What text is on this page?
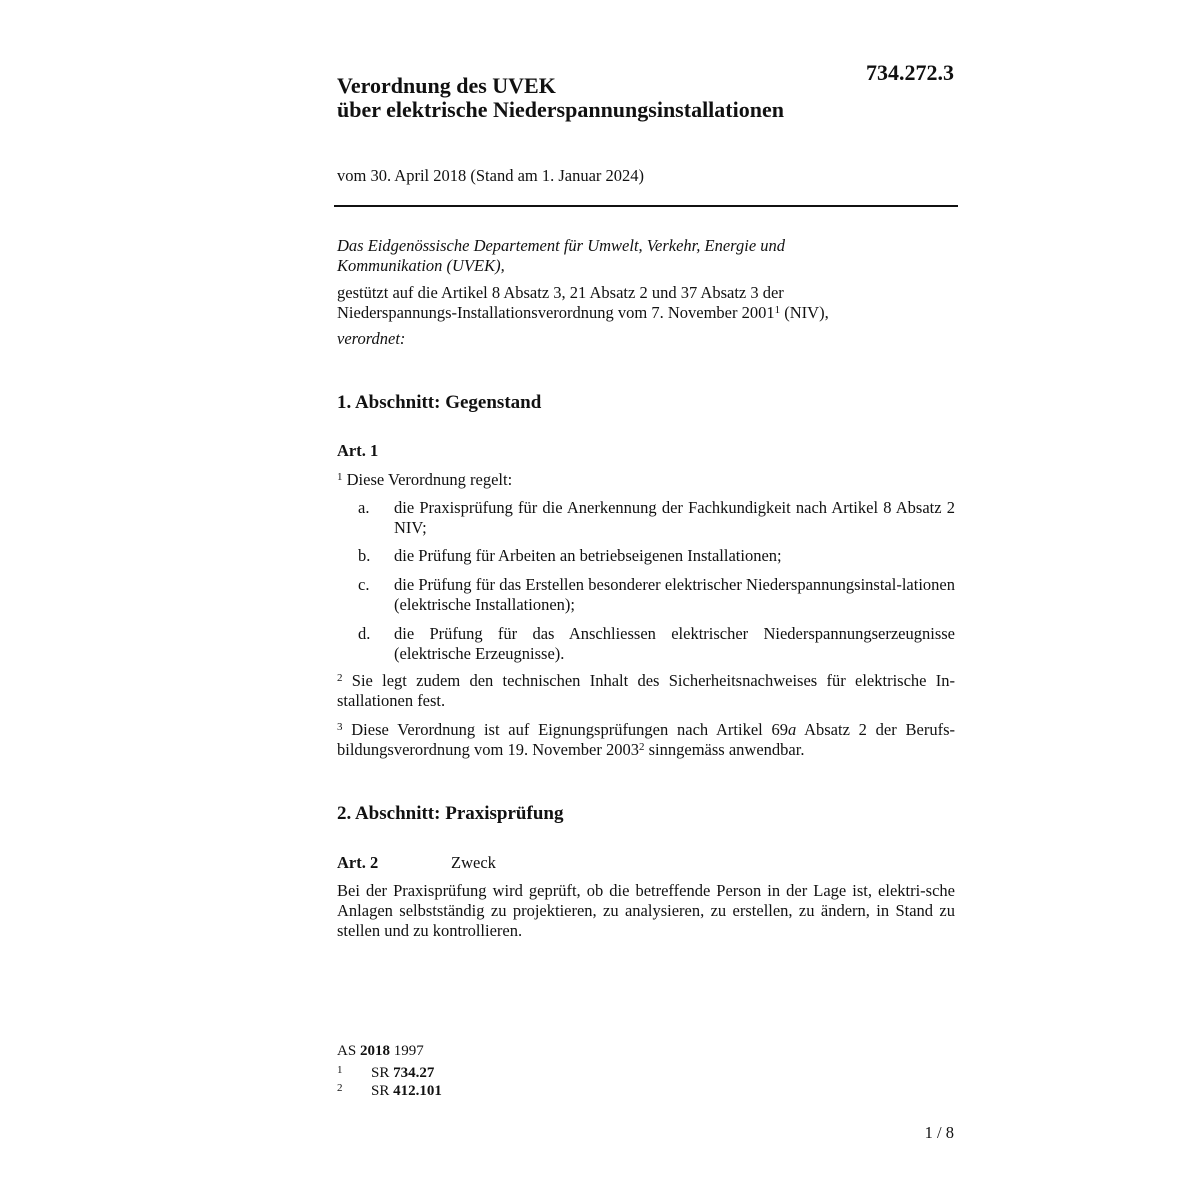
734.272.3
Verordnung des UVEK
über elektrische Niederspannungsinstallationen
vom 30. April 2018 (Stand am 1. Januar 2024)
Das Eidgenössische Departement für Umwelt, Verkehr, Energie und
Kommunikation (UVEK),
gestützt auf die Artikel 8 Absatz 3, 21 Absatz 2 und 37 Absatz 3 der
Niederspannungs-Installationsverordnung vom 7. November 2001$^1$ (NIV),
verordnet:
1. Abschnitt: Gegenstand
Art. 1
$^1$ Diese Verordnung regelt:
a. die Praxisprüfung für die Anerkennung der Fachkundigkeit nach Artikel 8 Absatz 2 NIV;
b. die Prüfung für Arbeiten an betriebseigenen Installationen;
c. die Prüfung für das Erstellen besonderer elektrischer Niederspannungsinstal-lationen (elektrische Installationen);
d. die Prüfung für das Anschliessen elektrischer Niederspannungserzeugnisse (elektrische Erzeugnisse).
$^2$ Sie legt zudem den technischen Inhalt des Sicherheitsnachweises für elektrische In-stallationen fest.
$^3$ Diese Verordnung ist auf Eignungsprüfungen nach Artikel 69a Absatz 2 der Berufs-bildungsverordnung vom 19. November 2003$^2$ sinngemäss anwendbar.
2. Abschnitt: Praxisprüfung
Art. 2	Zweck
Bei der Praxisprüfung wird geprüft, ob die betreffende Person in der Lage ist, elektri-sche Anlagen selbstständig zu projektieren, zu analysieren, zu erstellen, zu ändern, in Stand zu stellen und zu kontrollieren.
AS 2018 1997
1 SR 734.27
2 SR 412.101
1 / 8
